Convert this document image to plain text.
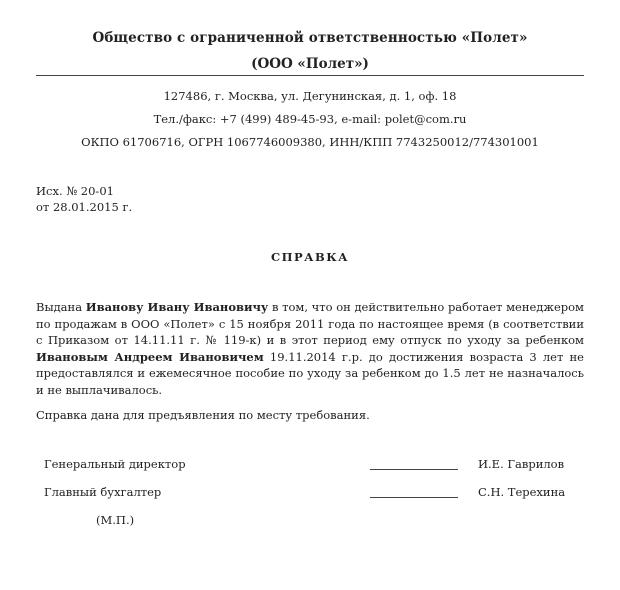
Общество с ограниченной ответственностью «Полет»
(ООО «Полет»)
127486, г. Москва, ул. Дегунинская, д. 1, оф. 18
Тел./факс: +7 (499) 489-45-93, e-mail: polet@com.ru
ОКПО 61706716, ОГРН 1067746009380, ИНН/КПП 7743250012/774301001
Исх. № 20-01
от 28.01.2015 г.
СПРАВКА
Выдана Иванову Ивану Ивановичу в том, что он действительно работает менеджером по продажам в ООО «Полет» с 15 ноября 2011 года по настоящее время (в соответствии с Приказом от 14.11.11 г. № 119-к) и в этот период ему отпуск по уходу за ребенком Ивановым Андреем Ивановичем 19.11.2014 г.р. до достижения возраста 3 лет не предоставлялся и ежемесячное пособие по уходу за ребенком до 1.5 лет не назначалось и не выплачивалось.
Справка дана для предъявления по месту требования.
Генеральный директор	И.Е. Гаврилов
Главный бухгалтер	С.Н. Терехина
(М.П.)
